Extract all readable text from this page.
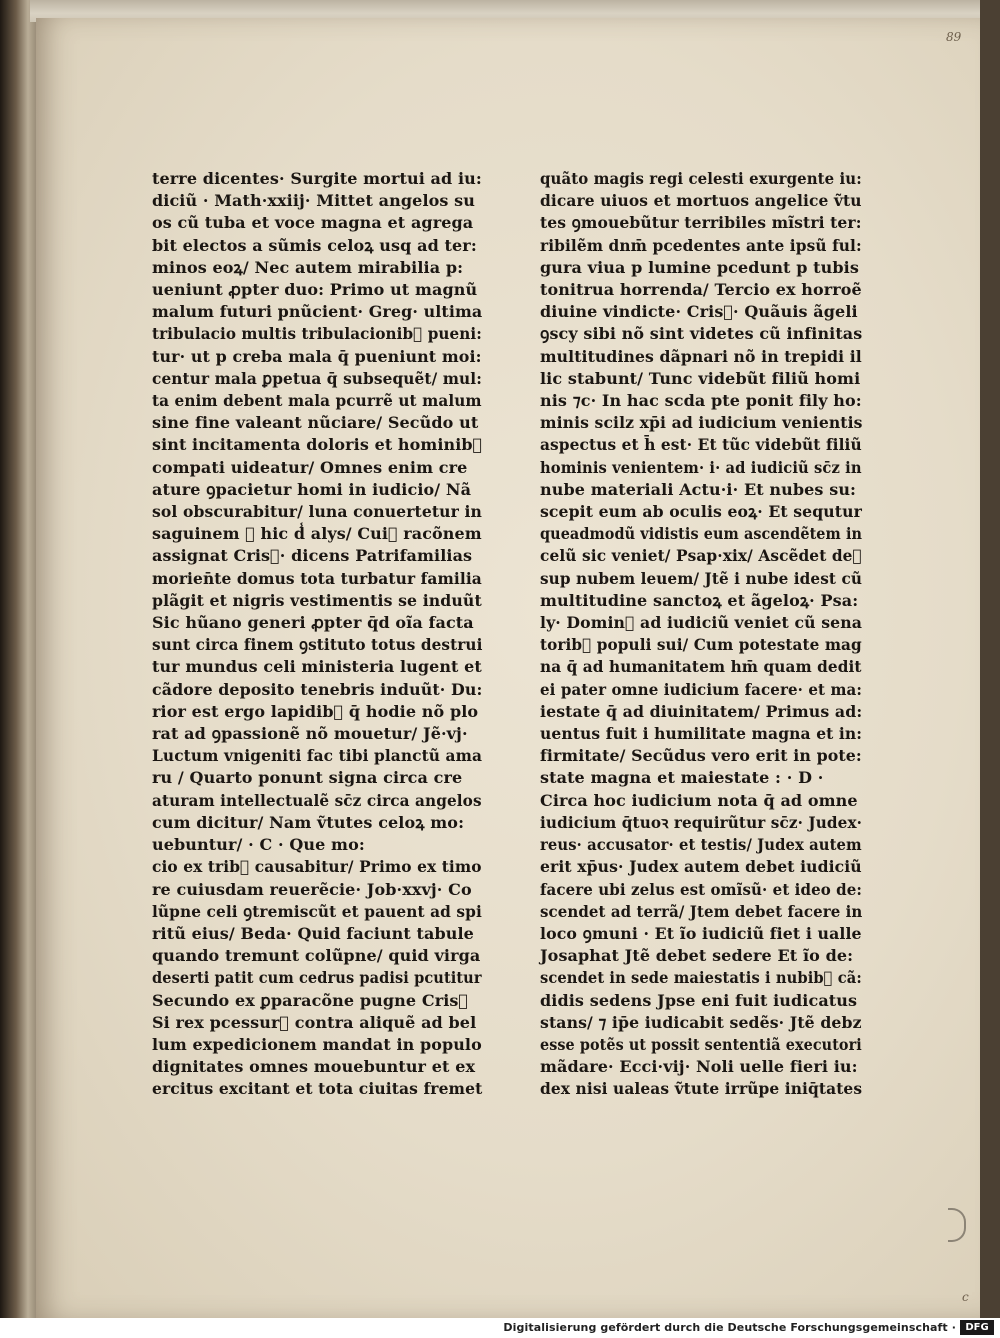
89
c
terre dicentes· Surgite mortui ad iu:
diciũ · Math·xxiij· Mittet angelos su
os cũ tuba et voce magna et agrega
bit electos a sũmis celoꝝ usq ad ter:
minos eoꝝ/ Nec autem mirabilia p:
ueniunt ꝓpter duo: Primo ut magnũ
malum futuri pnũcient· Greg· ultima
tribulacio multis tribulacionib᷒ pueni:
tur· ut p creba mala q̄ pueniunt moi:
centur mala ꝑpetua q̄ subsequẽt/ mul:
ta enim debent mala pcurrẽ ut malum
sine fine valeant nũciare/ Secũdo ut
sint incitamenta doloris et hominib᷒
compati uideatur/ Omnes enim cre
ature ꝯpacietur homi in iudicio/ Nã
sol obscurabitur/ luna conuertetur in
saguinem ⁊ hic d̾ alys/ Cui᷒ racõnem
assignat Cris᷒· dicens Patrifamilias
morien̄te domus tota turbatur familia
plãgit et nigris vestimentis se induũt
Sic hũano generi ꝓpter q̄d oĩa facta
sunt circa finem ꝯstituto totus destrui
tur mundus celi ministeria lugent et
cãdore deposito tenebris induũt· Du:
rior est ergo lapidib᷒ q̄ hodie nõ plo
rat ad ꝯpassionẽ nõ mouetur/ Jẽ·vj·
Luctum vnigeniti fac tibi planctũ ama
ru / Quarto ponunt signa circa cre
aturam intellectualẽ sc̄z circa angelos
cum dicitur/ Nam ṽtutes celoꝝ mo:
uebuntur/ · C · Que mo:
cio ex trib᷒ causabitur/ Primo ex timo
re cuiusdam reuerẽcie· Job·xxvj· Co
lũpne celi ꝯtremiscũt et pauent ad spi
ritũ eius/ Beda· Quid faciunt tabule
quando tremunt colũpne/ quid virga
deserti patit cum cedrus padisi pcutitur
Secundo ex ꝑparacõne pugne Cris᷒
Si rex pcessur᷒ contra aliquẽ ad bel
lum expedicionem mandat in populo
dignitates omnes mouebuntur et ex
ercitus excitant et tota ciuitas fremet
quãto magis regi celesti exurgente iu:
dicare uiuos et mortuos angelice ṽtu
tes ꝯmouebũtur terribiles mĩstri ter:
ribilẽm dnm̄ pcedentes ante ipsũ ful:
gura viua p lumine pcedunt p tubis
tonitrua horrenda/ Tercio ex horroẽ
diuine vindicte· Cris᷒· Quãuis ãgeli
ꝯscy sibi nõ sint videtes cũ infinitas
multitudines dãpnari nõ in trepidi il
lic stabunt/ Tunc videbũt filiũ homi
nis ⁊c· In hac scda pte ponit fily ho:
minis scilz xp̄i ad iudicium venientis
aspectus et h̄ est· Et tũc videbũt filiũ
hominis venientem· i· ad iudiciũ sc̄z in
nube materiali Actu·i· Et nubes su:
scepit eum ab oculis eoꝝ· Et sequtur
queadmodũ vidistis eum ascendẽtem in
celũ sic veniet/ Psap·xix/ Ascẽdet de᷒
sup nubem leuem/ Jtẽ i nube idest cũ
multitudine sanctoꝝ et ãgeloꝝ· Psa:
ly· Domin᷒ ad iudiciũ veniet cũ sena
torib᷒ populi sui/ Cum potestate mag
na q̄ ad humanitatem hm̄ quam dedit
ei pater omne iudicium facere· et ma:
iestate q̄ ad diuinitatem/ Primus ad:
uentus fuit i humilitate magna et in:
firmitate/ Secũdus vero erit in pote:
state magna et maiestate : · D ·
Circa hoc iudicium nota q̄ ad omne
iudicium q̄tuoꝛ requirũtur sc̄z· Judex·
reus· accusator· et testis/ Judex autem
erit xp̄us· Judex autem debet iudiciũ
facere ubi zelus est omĩsũ· et ideo de:
scendet ad terrã/ Jtem debet facere in
loco ꝯmuni · Et ĩo iudiciũ fiet i ualle
Josaphat Jtẽ debet sedere Et ĩo de:
scendet in sede maiestatis i nubib᷒ cã:
didis sedens Jpse eni fuit iudicatus
stans/ ⁊ ip̄e iudicabit sedẽs· Jtẽ debz
esse potẽs ut possit sententiã executori
mãdare· Ecci·vij· Noli uelle fieri iu:
dex nisi ualeas ṽtute irrũpe iniq̄tates
Digitalisierung gefördert durch die Deutsche Forschungsgemeinschaft · DFG
